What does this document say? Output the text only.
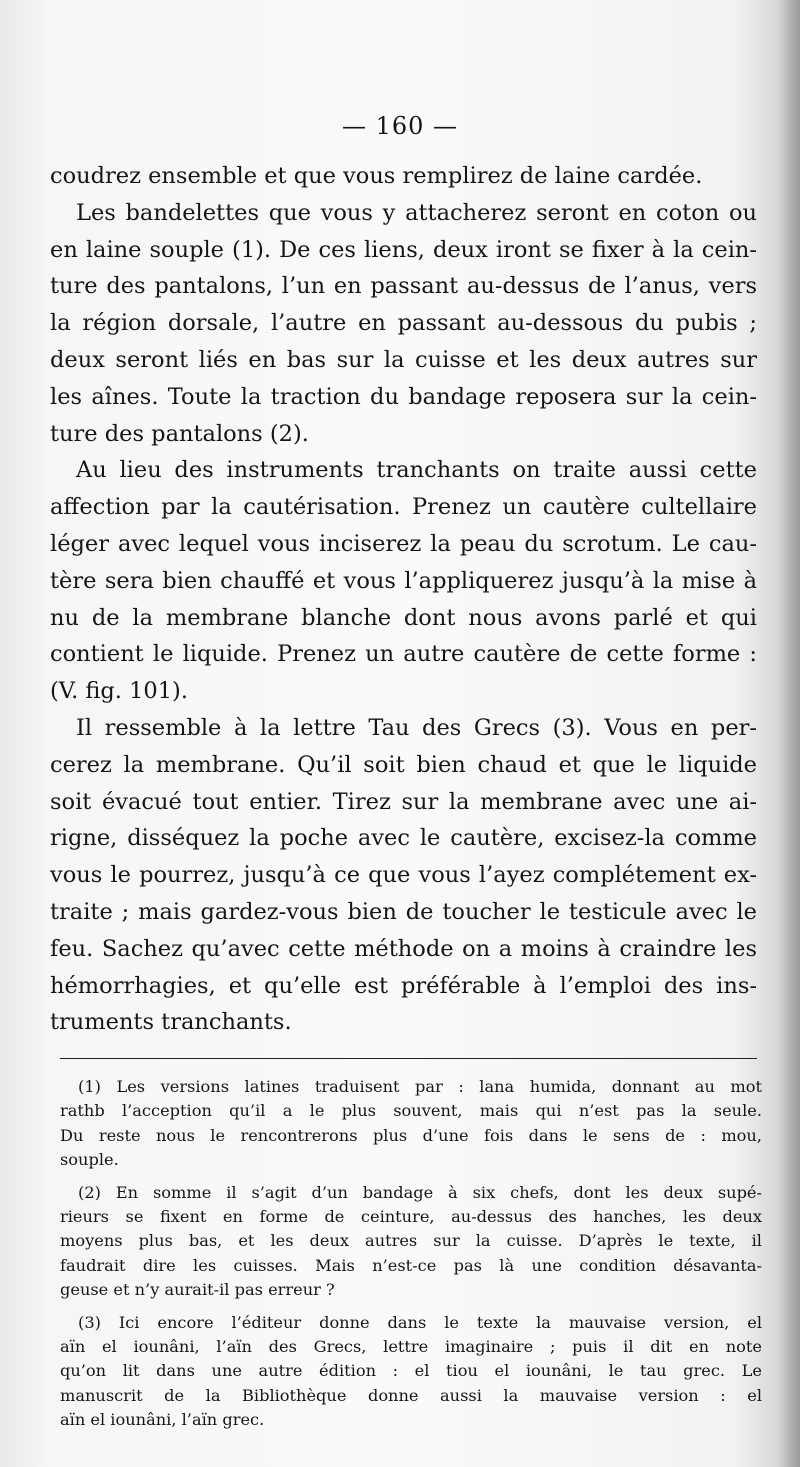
— 160 —
coudrez ensemble et que vous remplirez de laine cardée.
Les bandelettes que vous y attacherez seront en coton ou
en laine souple (1). De ces liens, deux iront se fixer à la cein-
ture des pantalons, l’un en passant au-dessus de l’anus, vers
la région dorsale, l’autre en passant au-dessous du pubis ;
deux seront liés en bas sur la cuisse et les deux autres sur
les aînes. Toute la traction du bandage reposera sur la cein-
ture des pantalons (2).
Au lieu des instruments tranchants on traite aussi cette
affection par la cautérisation. Prenez un cautère cultellaire
léger avec lequel vous inciserez la peau du scrotum. Le cau-
tère sera bien chauffé et vous l’appliquerez jusqu’à la mise à
nu de la membrane blanche dont nous avons parlé et qui
contient le liquide. Prenez un autre cautère de cette forme :
(V. fig. 101).
Il ressemble à la lettre Tau des Grecs (3). Vous en per-
cerez la membrane. Qu’il soit bien chaud et que le liquide
soit évacué tout entier. Tirez sur la membrane avec une ai-
rigne, disséquez la poche avec le cautère, excisez-la comme
vous le pourrez, jusqu’à ce que vous l’ayez complétement ex-
traite ; mais gardez-vous bien de toucher le testicule avec le
feu. Sachez qu’avec cette méthode on a moins à craindre les
hémorrhagies, et qu’elle est préférable à l’emploi des ins-
truments tranchants.
(1) Les versions latines traduisent par : lana humida, donnant au mot
rathb l’acception qu’il a le plus souvent, mais qui n’est pas la seule.
Du reste nous le rencontrerons plus d’une fois dans le sens de : mou,
souple.
(2) En somme il s’agit d’un bandage à six chefs, dont les deux supé-
rieurs se fixent en forme de ceinture, au-dessus des hanches, les deux
moyens plus bas, et les deux autres sur la cuisse. D’après le texte, il
faudrait dire les cuisses. Mais n’est-ce pas là une condition désavanta-
geuse et n’y aurait-il pas erreur ?
(3) Ici encore l’éditeur donne dans le texte la mauvaise version, el
aïn el iounâni, l’aïn des Grecs, lettre imaginaire ; puis il dit en note
qu’on lit dans une autre édition : el tiou el iounâni, le tau grec. Le
manuscrit de la Bibliothèque donne aussi la mauvaise version : el
aïn el iounâni, l’aïn grec.
